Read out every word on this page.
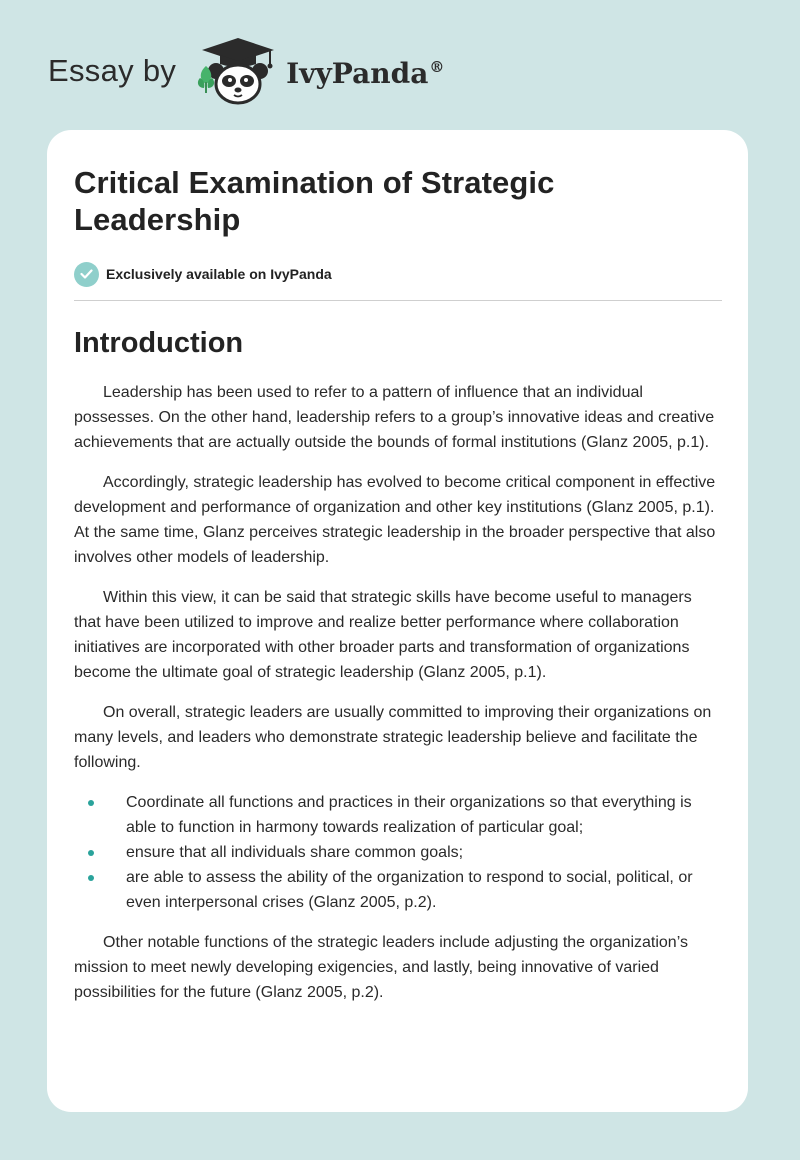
Essay by	IvyPanda®
Critical Examination of Strategic Leadership
Exclusively available on IvyPanda
Introduction

Leadership has been used to refer to a pattern of influence that an individual possesses. On the other hand, leadership refers to a group’s innovative ideas and creative achievements that are actually outside the bounds of formal institutions (Glanz 2005, p.1).

Accordingly, strategic leadership has evolved to become critical component in effective development and performance of organization and other key institutions (Glanz 2005, p.1). At the same time, Glanz perceives strategic leadership in the broader perspective that also involves other models of leadership.

Within this view, it can be said that strategic skills have become useful to managers that have been utilized to improve and realize better performance where collaboration initiatives are incorporated with other broader parts and transformation of organizations become the ultimate goal of strategic leadership (Glanz 2005, p.1).

On overall, strategic leaders are usually committed to improving their organizations on many levels, and leaders who demonstrate strategic leadership believe and facilitate the following.

Coordinate all functions and practices in their organizations so that everything is able to function in harmony towards realization of particular goal;
ensure that all individuals share common goals;
are able to assess the ability of the organization to respond to social, political, or even interpersonal crises (Glanz 2005, p.2).

Other notable functions of the strategic leaders include adjusting the organization’s mission to meet newly developing exigencies, and lastly, being innovative of varied possibilities for the future (Glanz 2005, p.2).
